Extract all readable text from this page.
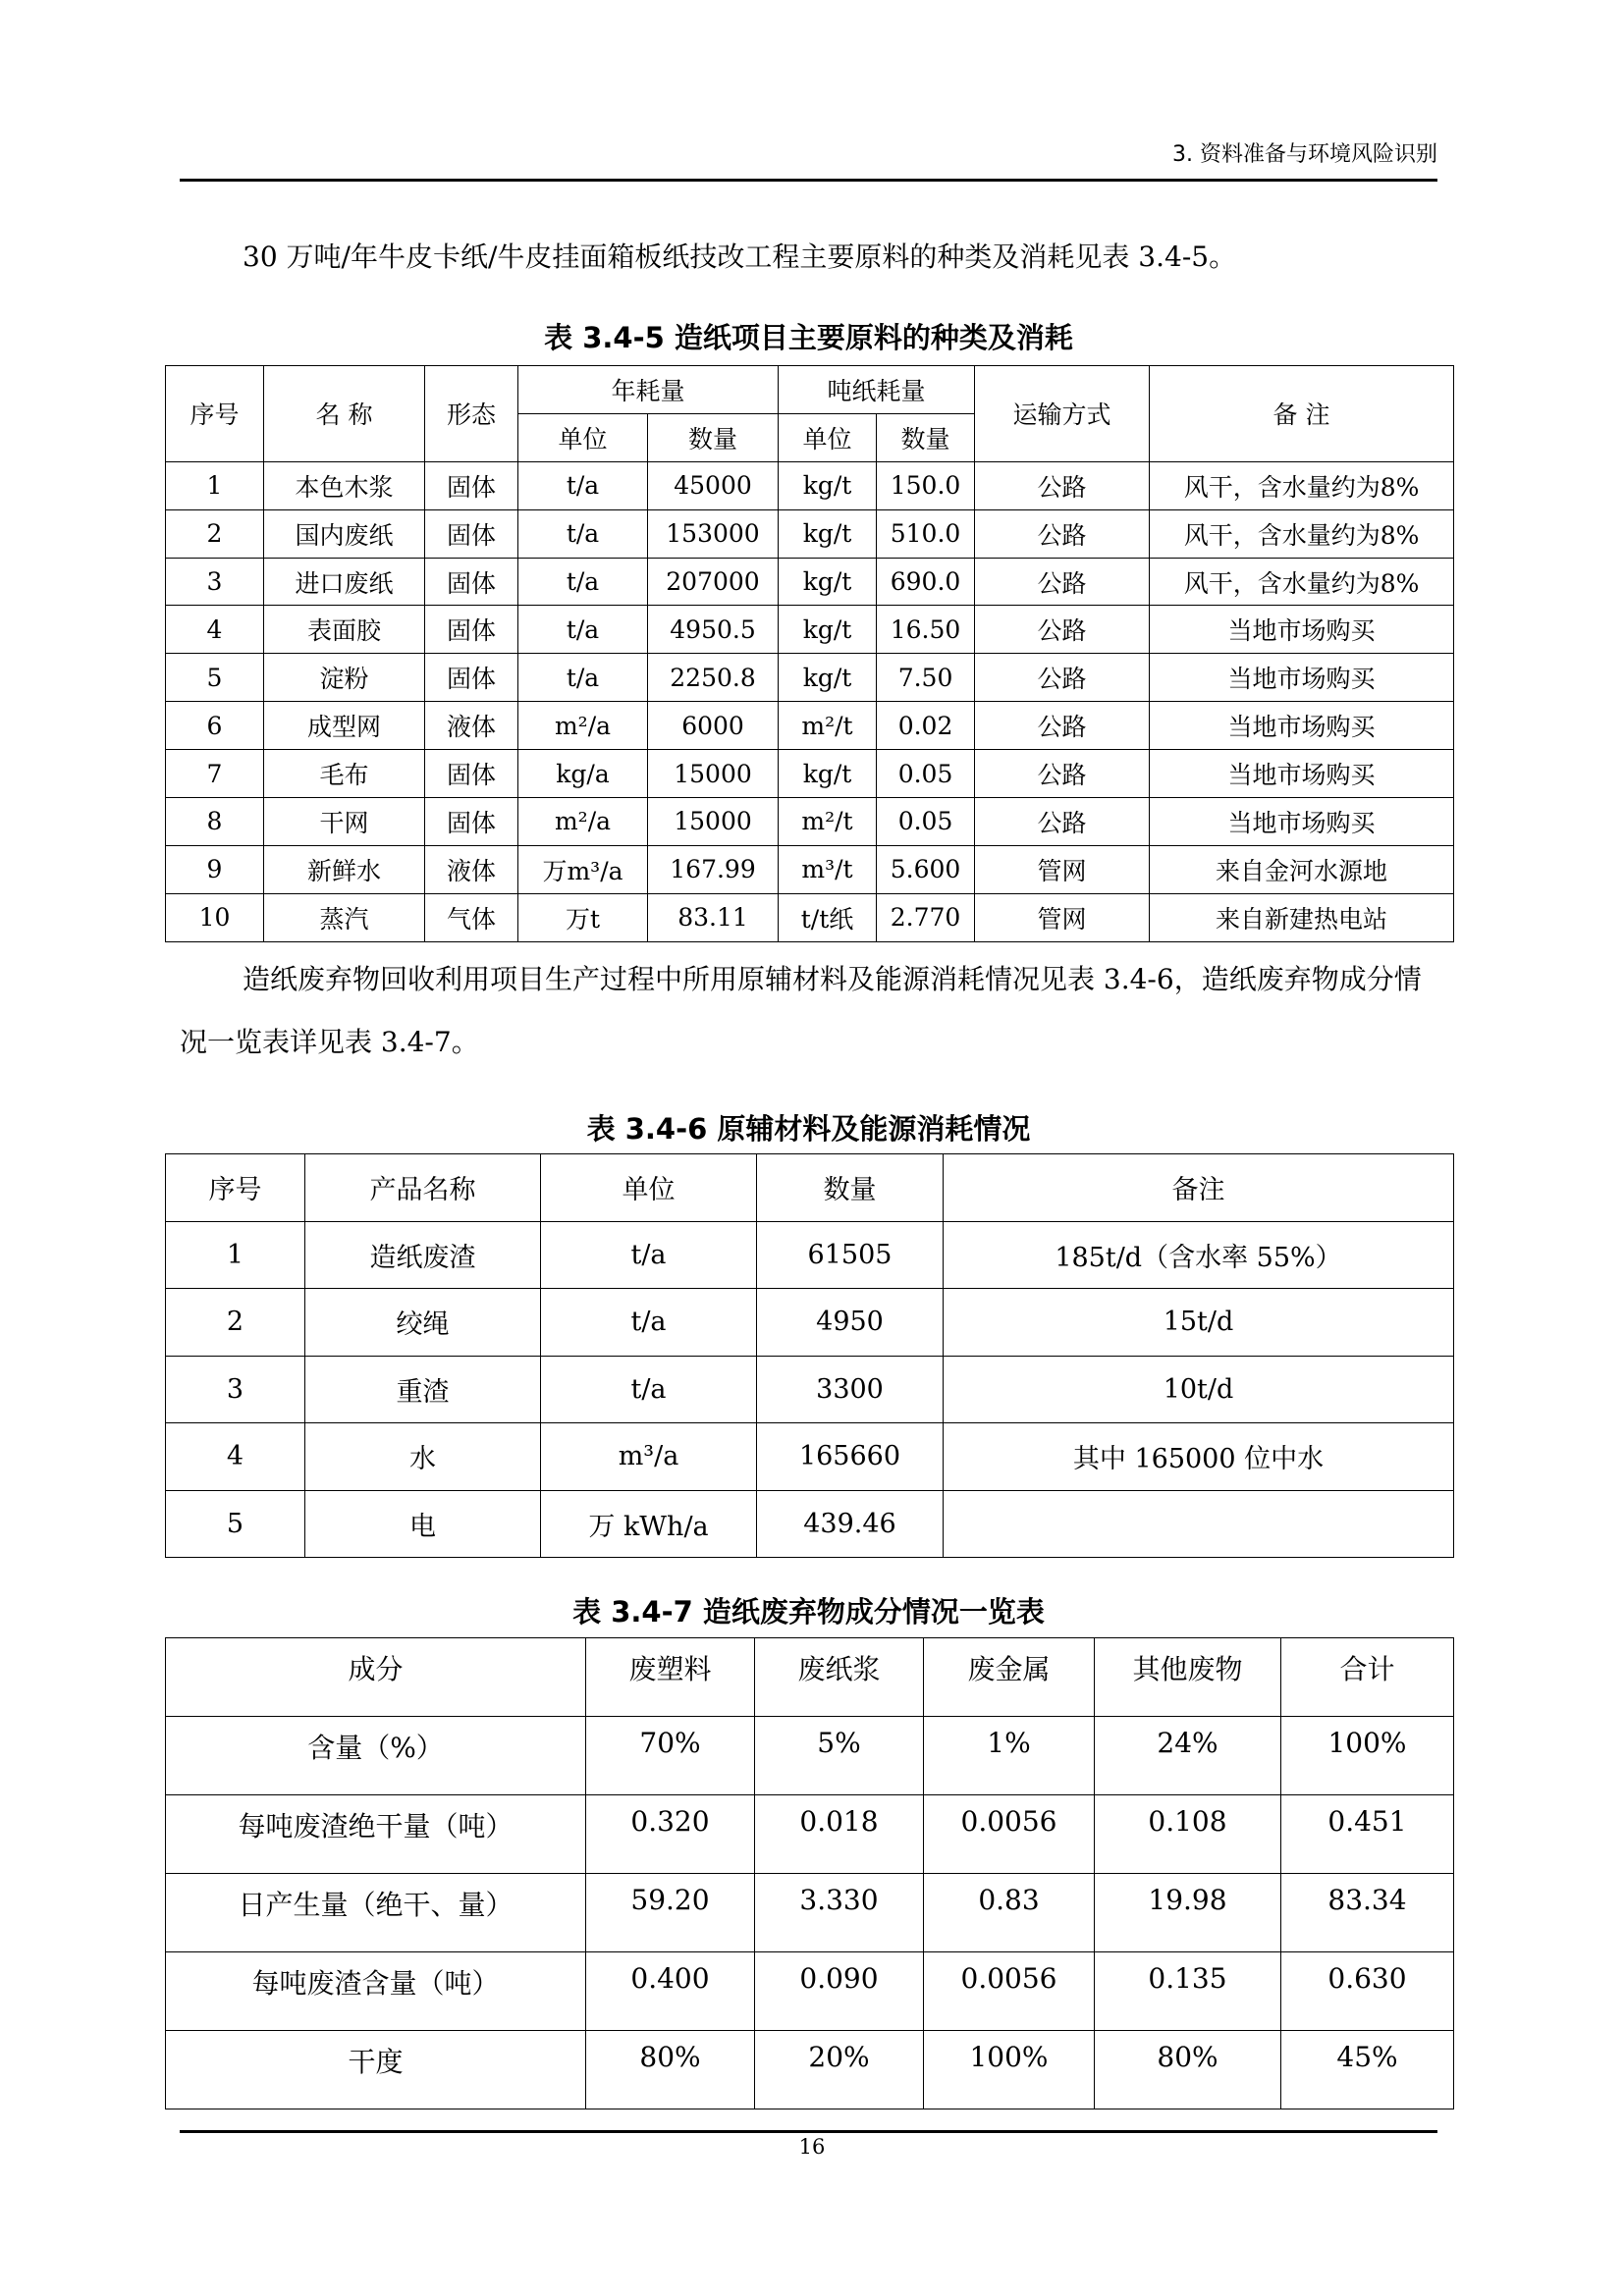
3. 资料准备与环境风险识别
30 万吨/年牛皮卡纸/牛皮挂面箱板纸技改工程主要原料的种类及消耗见表 3.4-5。
表 3.4-5 造纸项目主要原料的种类及消耗
序号	名 称	形态	年耗量		吨纸耗量		运输方式	备 注
			单位	数量	单位	数量		
1	本色木浆	固体	t/a	45000	kg/t	150.0	公路	风干，含水量约为8%
2	国内废纸	固体	t/a	153000	kg/t	510.0	公路	风干，含水量约为8%
3	进口废纸	固体	t/a	207000	kg/t	690.0	公路	风干，含水量约为8%
4	表面胶	固体	t/a	4950.5	kg/t	16.50	公路	当地市场购买
5	淀粉	固体	t/a	2250.8	kg/t	7.50	公路	当地市场购买
6	成型网	液体	m²/a	6000	m²/t	0.02	公路	当地市场购买
7	毛布	固体	kg/a	15000	kg/t	0.05	公路	当地市场购买
8	干网	固体	m²/a	15000	m²/t	0.05	公路	当地市场购买
9	新鲜水	液体	万m³/a	167.99	m³/t	5.600	管网	来自金河水源地
10	蒸汽	气体	万t	83.11	t/t纸	2.770	管网	来自新建热电站
造纸废弃物回收利用项目生产过程中所用原辅材料及能源消耗情况见表 3.4-6，造纸废弃物成分情况一览表详见表 3.4-7。
表 3.4-6 原辅材料及能源消耗情况
序号	产品名称	单位	数量	备注
1	造纸废渣	t/a	61505	185t/d（含水率 55%）
2	绞绳	t/a	4950	15t/d
3	重渣	t/a	3300	10t/d
4	水	m³/a	165660	其中 165000 位中水
5	电	万 kWh/a	439.46	
表 3.4-7 造纸废弃物成分情况一览表
成分	废塑料	废纸浆	废金属	其他废物	合计
含量（%）	70%	5%	1%	24%	100%
每吨废渣绝干量（吨）	0.320	0.018	0.0056	0.108	0.451
日产生量（绝干、量）	59.20	3.330	0.83	19.98	83.34
每吨废渣含量（吨）	0.400	0.090	0.0056	0.135	0.630
干度	80%	20%	100%	80%	45%
16
